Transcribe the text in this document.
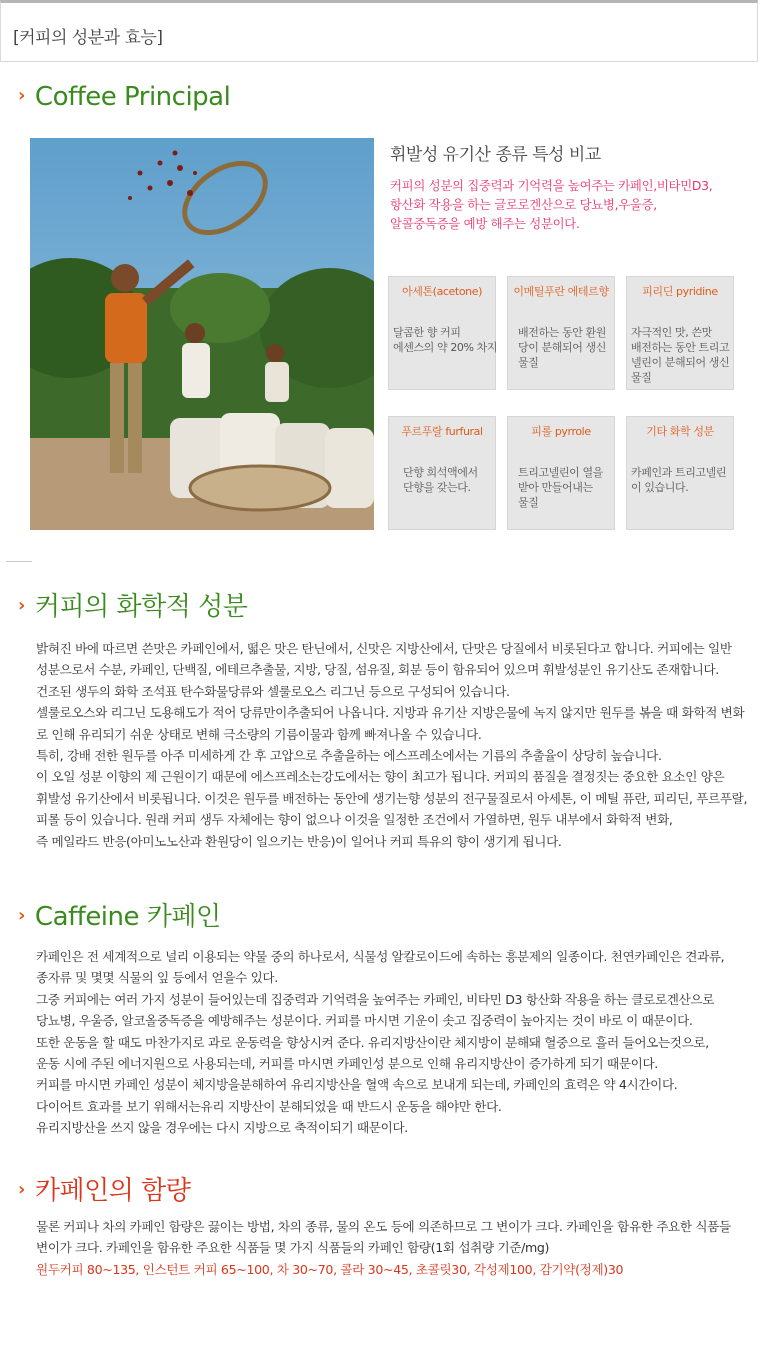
[커피의 성분과 효능]
› Coffee Principal
휘발성 유기산 종류 특성 비교
커피의 성분의 집중력과 기억력을 높여주는 카페인,비타민D3,
항산화 작용을 하는 글로로겐산으로 당뇨병,우울증,
알콜중독증을 예방 해주는 성분이다.
아세톤(acetone)
달콤한 향 커피
에센스의 약 20% 차지
이메틸푸란 에테르향
배전하는 동안 환원
당이 분해되어 생신
물질
피리딘 pyridine
자극적인 맛, 쓴맛
배전하는 동안 트리고
넬린이 분해되어 생신
물질
푸르푸랄 furfural
단향 희석액에서
단향을 갖는다.
피롤 pyrrole
트리고넬린이 열을
받아 만들어내는
물질
기타 화학 성분
카페인과 트리고넬린
이 있습니다.
› 커피의 화학적 성분
밝혀진 바에 따르면 쓴맛은 카페인에서, 떫은 맛은 탄닌에서, 신맛은 지방산에서, 단맛은 당질에서 비롯된다고 합니다. 커피에는 일반
성분으로서 수분, 카페인, 단백질, 에테르추출물, 지방, 당질, 섬유질, 회분 등이 함유되어 있으며 휘발성분인 유기산도 존재합니다.
건조된 생두의 화학 조석표 탄수화물당류와 셀룰로오스 리그닌 등으로 구성되어 있습니다.
셀룰로오스와 리그닌 도용해도가 적어 당류만이추출되어 나옵니다. 지방과 유기산 지방은물에 녹지 않지만 원두를 볶을 때 화학적 변화
로 인해 유리되기 쉬운 상태로 변해 극소량의 기름이물과 함께 빠져나올 수 있습니다.
특히, 강배 전한 원두를 아주 미세하게 간 후 고압으로 추출을하는 에스프레소에서는 기름의 추출율이 상당히 높습니다.
이 오일 성분 이향의 제 근원이기 때문에 에스프레소는강도에서는 향이 최고가 됩니다. 커피의 품질을 결정짓는 중요한 요소인 양은
휘발성 유기산에서 비롯됩니다. 이것은 원두를 배전하는 동안에 생기는향 성분의 전구물질로서 아세톤, 이 메틸 퓨란, 피리딘, 푸르푸랄,
피롤 등이 있습니다. 원래 커피 생두 자체에는 향이 없으나 이것을 일정한 조건에서 가열하면, 원두 내부에서 화학적 변화,
즉 메일라드 반응(아미노노산과 환원당이 일으키는 반응)이 일어나 커피 특유의 향이 생기게 됩니다.
› Caffeine 카페인
카페인은 전 세계적으로 널리 이용되는 약물 중의 하나로서, 식물성 알칼로이드에 속하는 흥분제의 일종이다. 천연카페인은 견과류,
종자류 및 몇몇 식물의 잎 등에서 얻을수 있다.
그중 커피에는 여러 가지 성분이 들어있는데 집중력과 기억력을 높여주는 카페인, 비타민 D3 항산화 작용을 하는 클로로겐산으로
당뇨병, 우울증, 알코올중독증을 예방해주는 성분이다. 커피를 마시면 기운이 솟고 집중력이 높아지는 것이 바로 이 때문이다.
또한 운동을 할 때도 마찬가지로 과로 운동력을 향상시켜 준다. 유리지방산이란 체지방이 분해돼 혈중으로 흘러 들어오는것으로,
운동 시에 주된 에너지원으로 사용되는데, 커피를 마시면 카페인성 분으로 인해 유리지방산이 증가하게 되기 때문이다.
커피를 마시면 카페인 성분이 체지방을분해하여 유리지방산을 혈액 속으로 보내게 되는데, 카페인의 효력은 약 4시간이다.
다이어트 효과를 보기 위해서는유리 지방산이 분해되었을 때 반드시 운동을 해야만 한다.
유리지방산을 쓰지 않을 경우에는 다시 지방으로 축적이되기 때문이다.
› 카페인의 함량
물론 커피나 차의 카페인 함량은 끓이는 방법, 차의 종류, 물의 온도 등에 의존하므로 그 변이가 크다. 카페인을 함유한 주요한 식품들
변이가 크다. 카페인을 함유한 주요한 식품들 몇 가지 식품들의 카페인 함량(1회 섭취량 기준/mg)
원두커피 80~135, 인스턴트 커피 65~100, 차 30~70, 콜라 30~45, 초콜릿30, 각성제100, 감기약(정제)30
